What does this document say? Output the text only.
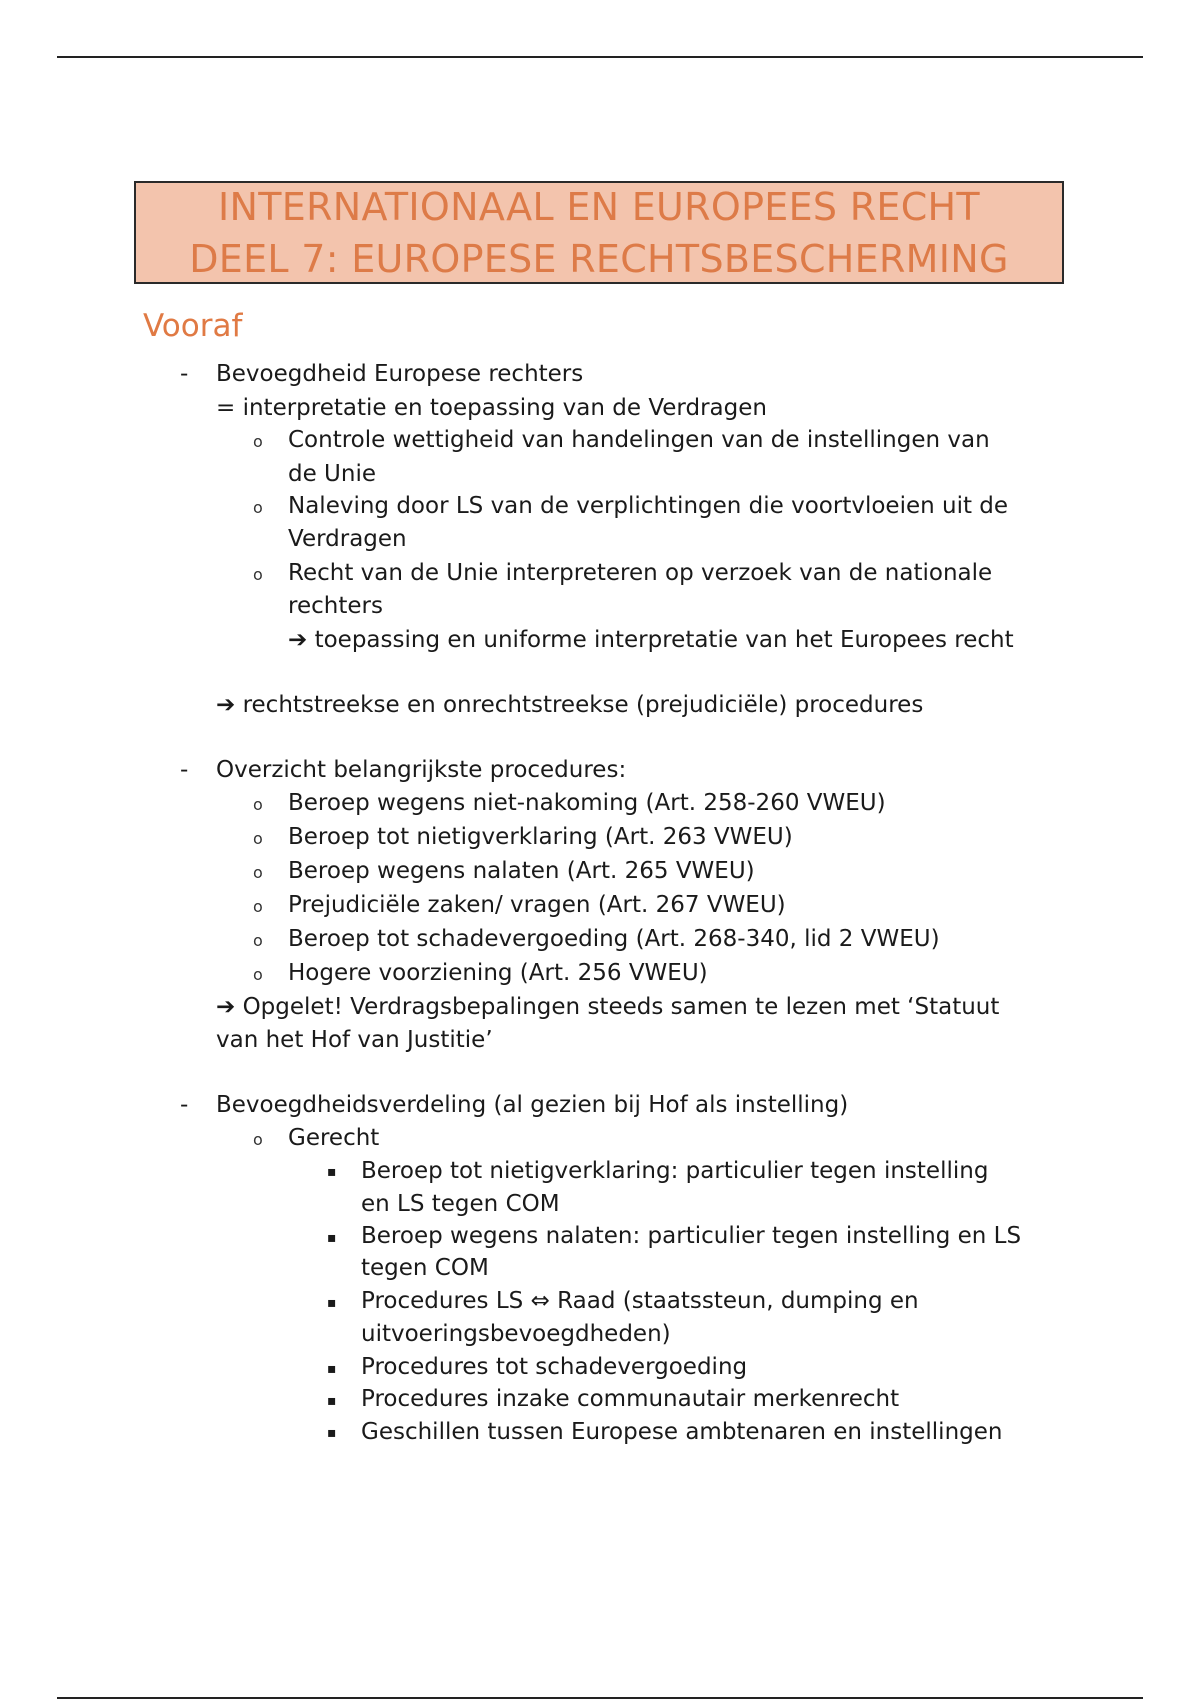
INTERNATIONAAL EN EUROPEES RECHT
DEEL 7: EUROPESE RECHTSBESCHERMING
Vooraf
- Bevoegdheid Europese rechters
= interpretatie en toepassing van de Verdragen
o Controle wettigheid van handelingen van de instellingen van
de Unie
o Naleving door LS van de verplichtingen die voortvloeien uit de
Verdragen
o Recht van de Unie interpreteren op verzoek van de nationale
rechters
➔ toepassing en uniforme interpretatie van het Europees recht
➔ rechtstreekse en onrechtstreekse (prejudiciële) procedures
- Overzicht belangrijkste procedures:
o Beroep wegens niet-nakoming (Art. 258-260 VWEU)
o Beroep tot nietigverklaring (Art. 263 VWEU)
o Beroep wegens nalaten (Art. 265 VWEU)
o Prejudiciële zaken/ vragen (Art. 267 VWEU)
o Beroep tot schadevergoeding (Art. 268-340, lid 2 VWEU)
o Hogere voorziening (Art. 256 VWEU)
➔ Opgelet! Verdragsbepalingen steeds samen te lezen met ‘Statuut
van het Hof van Justitie’
- Bevoegdheidsverdeling (al gezien bij Hof als instelling)
o Gerecht
▪ Beroep tot nietigverklaring: particulier tegen instelling
en LS tegen COM
▪ Beroep wegens nalaten: particulier tegen instelling en LS
tegen COM
▪ Procedures LS ⇔ Raad (staatssteun, dumping en
uitvoeringsbevoegdheden)
▪ Procedures tot schadevergoeding
▪ Procedures inzake communautair merkenrecht
▪ Geschillen tussen Europese ambtenaren en instellingen
